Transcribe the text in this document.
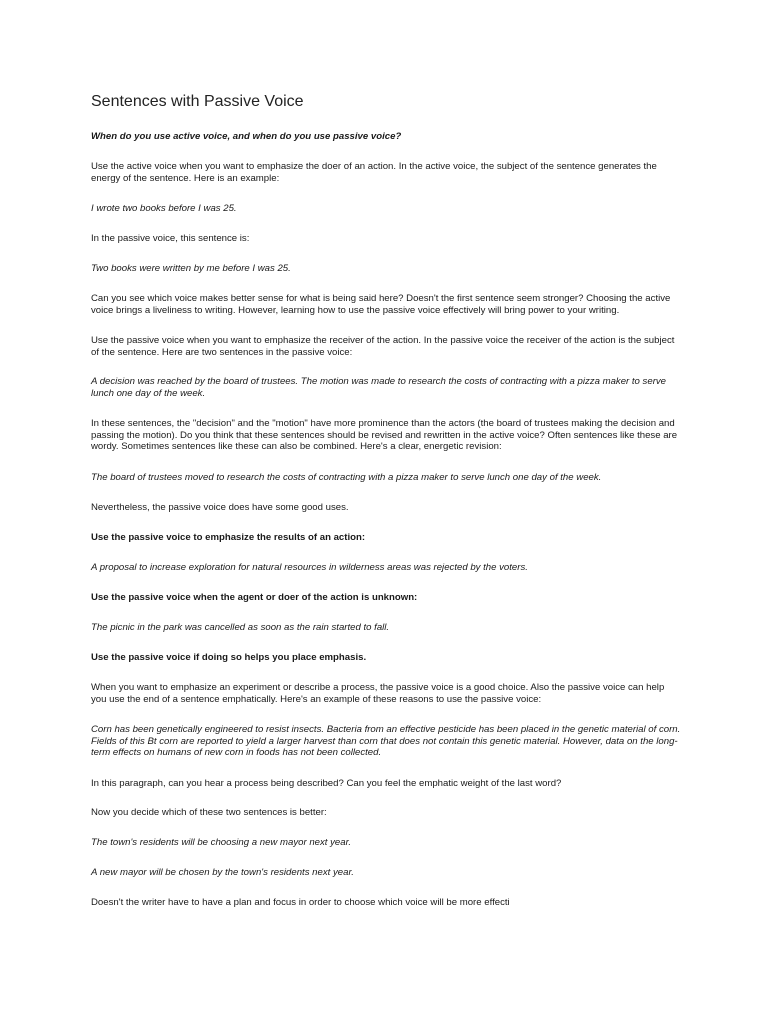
Sentences with Passive Voice

When do you use active voice, and when do you use passive voice?

Use the active voice when you want to emphasize the doer of an action. In the active voice, the subject of the sentence generates the energy of the sentence. Here is an example:

I wrote two books before I was 25.

In the passive voice, this sentence is:

Two books were written by me before I was 25.

Can you see which voice makes better sense for what is being said here? Doesn't the first sentence seem stronger? Choosing the active voice brings a liveliness to writing. However, learning how to use the passive voice effectively will bring power to your writing.

Use the passive voice when you want to emphasize the receiver of the action. In the passive voice the receiver of the action is the subject of the sentence. Here are two sentences in the passive voice:

A decision was reached by the board of trustees. The motion was made to research the costs of contracting with a pizza maker to serve lunch one day of the week.

In these sentences, the "decision" and the "motion" have more prominence than the actors (the board of trustees making the decision and passing the motion). Do you think that these sentences should be revised and rewritten in the active voice? Often sentences like these are wordy. Sometimes sentences like these can also be combined. Here's a clear, energetic revision:

The board of trustees moved to research the costs of contracting with a pizza maker to serve lunch one day of the week.

Nevertheless, the passive voice does have some good uses.

Use the passive voice to emphasize the results of an action:

A proposal to increase exploration for natural resources in wilderness areas was rejected by the voters.

Use the passive voice when the agent or doer of the action is unknown:

The picnic in the park was cancelled as soon as the rain started to fall.

Use the passive voice if doing so helps you place emphasis.

When you want to emphasize an experiment or describe a process, the passive voice is a good choice. Also the passive voice can help you use the end of a sentence emphatically. Here's an example of these reasons to use the passive voice:

Corn has been genetically engineered to resist insects. Bacteria from an effective pesticide has been placed in the genetic material of corn. Fields of this Bt corn are reported to yield a larger harvest than corn that does not contain this genetic material. However, data on the long-term effects on humans of new corn in foods has not been collected.

In this paragraph, can you hear a process being described? Can you feel the emphatic weight of the last word?

Now you decide which of these two sentences is better:

The town's residents will be choosing a new mayor next year.

A new mayor will be chosen by the town's residents next year.

Doesn't the writer have to have a plan and focus in order to choose which voice will be more effecti
